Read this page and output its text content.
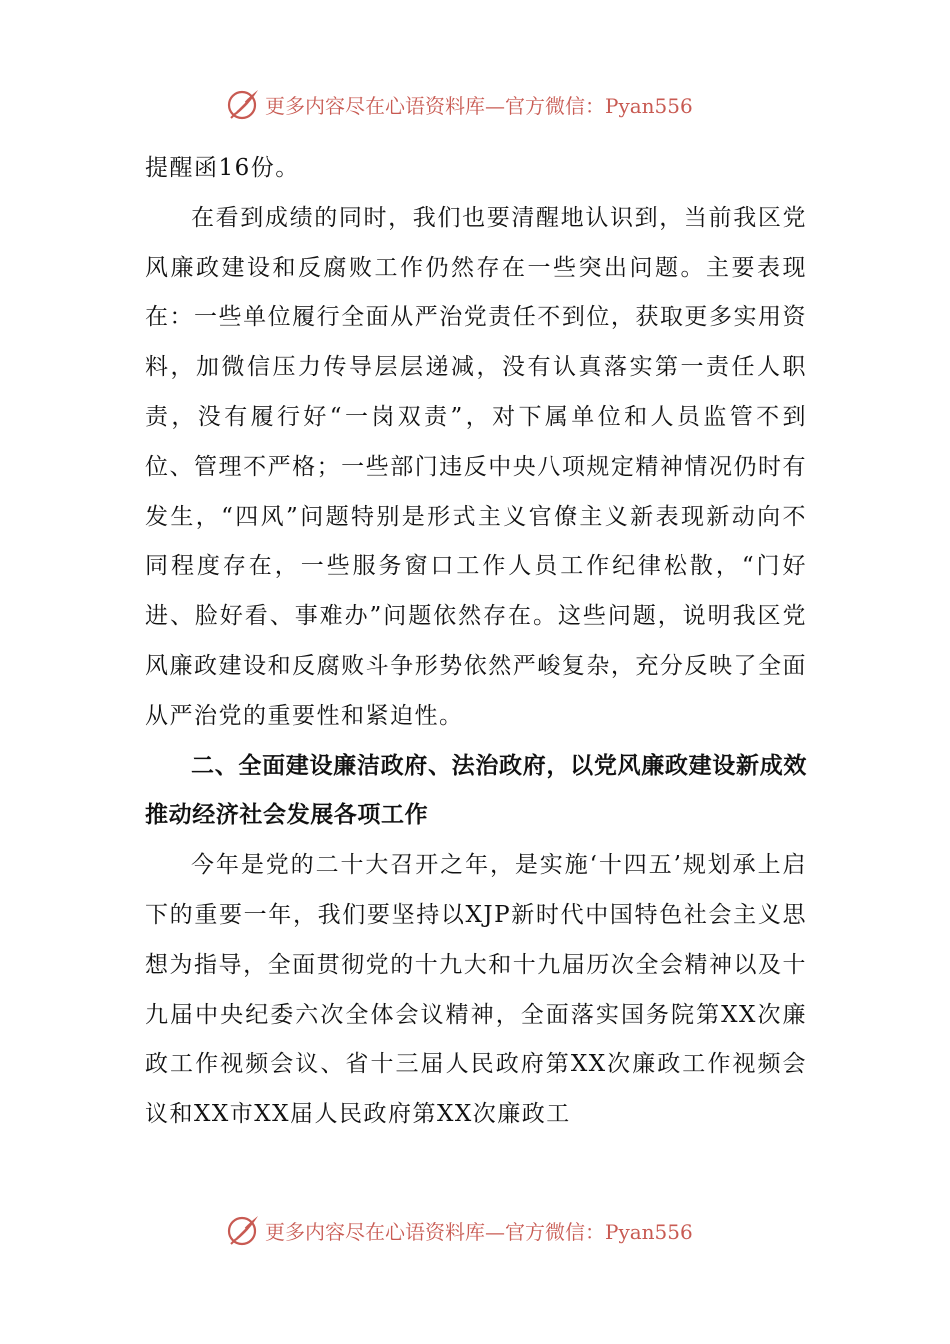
更多内容尽在心语资料库—官方微信：Pyan556

提醒函16份。

在看到成绩的同时，我们也要清醒地认识到，当前我区党风廉政建设和反腐败工作仍然存在一些突出问题。主要表现在：一些单位履行全面从严治党责任不到位，获取更多实用资料，加微信压力传导层层递减，没有认真落实第一责任人职责，没有履行好“一岗双责”，对下属单位和人员监管不到位、管理不严格；一些部门违反中央八项规定精神情况仍时有发生，“四风”问题特别是形式主义官僚主义新表现新动向不同程度存在，一些服务窗口工作人员工作纪律松散，“门好进、脸好看、事难办”问题依然存在。这些问题，说明我区党风廉政建设和反腐败斗争形势依然严峻复杂，充分反映了全面从严治党的重要性和紧迫性。

二、全面建设廉洁政府、法治政府，以党风廉政建设新成效推动经济社会发展各项工作

今年是党的二十大召开之年，是实施‘十四五’规划承上启下的重要一年，我们要坚持以XJP新时代中国特色社会主义思想为指导，全面贯彻党的十九大和十九届历次全会精神以及十九届中央纪委六次全体会议精神，全面落实国务院第XX次廉政工作视频会议、省十三届人民政府第XX次廉政工作视频会议和XX市XX届人民政府第XX次廉政工

更多内容尽在心语资料库—官方微信：Pyan556
